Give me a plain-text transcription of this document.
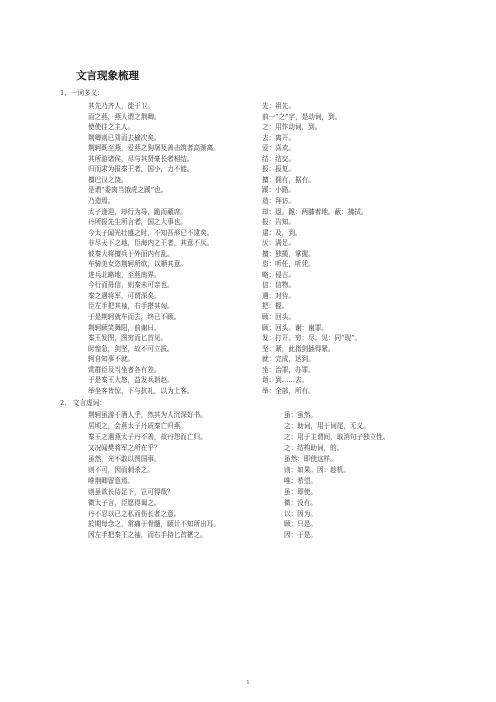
文言现象梳理
1、一词多义：
其先乃齐人，徙于卫。	先：祖先。
而之燕，燕人谓之荆卿。	前一“之”字，是动词，到。
使使往之主人。	之：用作动词，到。
荆卿则已驾而去榆次矣。	去：离开。
荆轲既至燕，爱燕之狗屠及善击筑者高渐离。	爱：喜欢。
其所游诸侯，尽与其贤豪长者相结。	结：结交。
归而求为报秦王者，国小，力不能。	报：报复。
擅巴汉之饶。	擅：拥有，据有。
是谓“委肉当饿虎之蹊”也。	蹊：小路。
乃造焉。	造：拜访。
太子逢迎，却行为导，跪而蔽席。	却：退。跪：两膝着地。蔽：拂拭。
丹所报先生所言者，国之大事也。	报：告知。
今太子闻光壮盛之时，不知吾形已不逮矣。	逮：及，到。
非尽天下之地，臣海内之王者，其意不厌。	厌：满足。
彼秦大将擅兵于外而内有乱。	擅：独揽，掌握。
车骑美女恣荆轲所欲，以顺其意。	恣：听任，听凭。
进兵北略地，至燕南界。	略：侵占。
今行而毋信，则秦未可亲也。	信：信物。
秦之遇将军，可谓深矣。	遇：对待。
臣左手把其袖，右手揕其匈。	把：握。
于是荆轲就车而去，终已不顾。	顾：回头。
荆轲顾笑舞阳，前谢曰。	顾：回头。谢：谢罪。
秦王发图，图穷而匕首见。	发：打开。穷：尽。见：同“现”。
时惶急，剑坚，故不可立拔。	坚：紧，此指剑插得紧。
轲自知事不就。	就：完成，达到。
赏群臣及当坐者各有差。	坐：治罪，办罪。
于是秦王大怒，益发兵诣赵。	诣：到……去。
举坐客皆惊，下与抗礼，以为上客。	举：全部，所有。
2、 文言虚词：
荆轲虽游于酒人乎，然其为人沉深好书。	虽：虽然。
居顷之，会燕太子丹质秦亡归燕。	之：助词，用于词尾，无义。
秦王之遇燕太子丹不善，故丹怨而亡归。	之：用于主谓间，取消句子独立性。
又况闻樊将军之所在乎？	之：结构助词，的。
虽然，光不敢以图国事。	虽然：即使这样。
则不可，因而刺杀之。	则：如果。因：趁机。
唯荆卿留意焉。	唯：希望。
则虽欲长侍足下，岂可得哉？	虽：即使。
微太子言，臣愿得谒之。	微：没有。
丹不忍以已之私而伤长者之意。	以：因为。
於期每念之，常痛于骨髓，顾计不知所出耳。	顾：只是。
因左手把秦王之袖，而右手持匕首揕之。	因：于是。
1
